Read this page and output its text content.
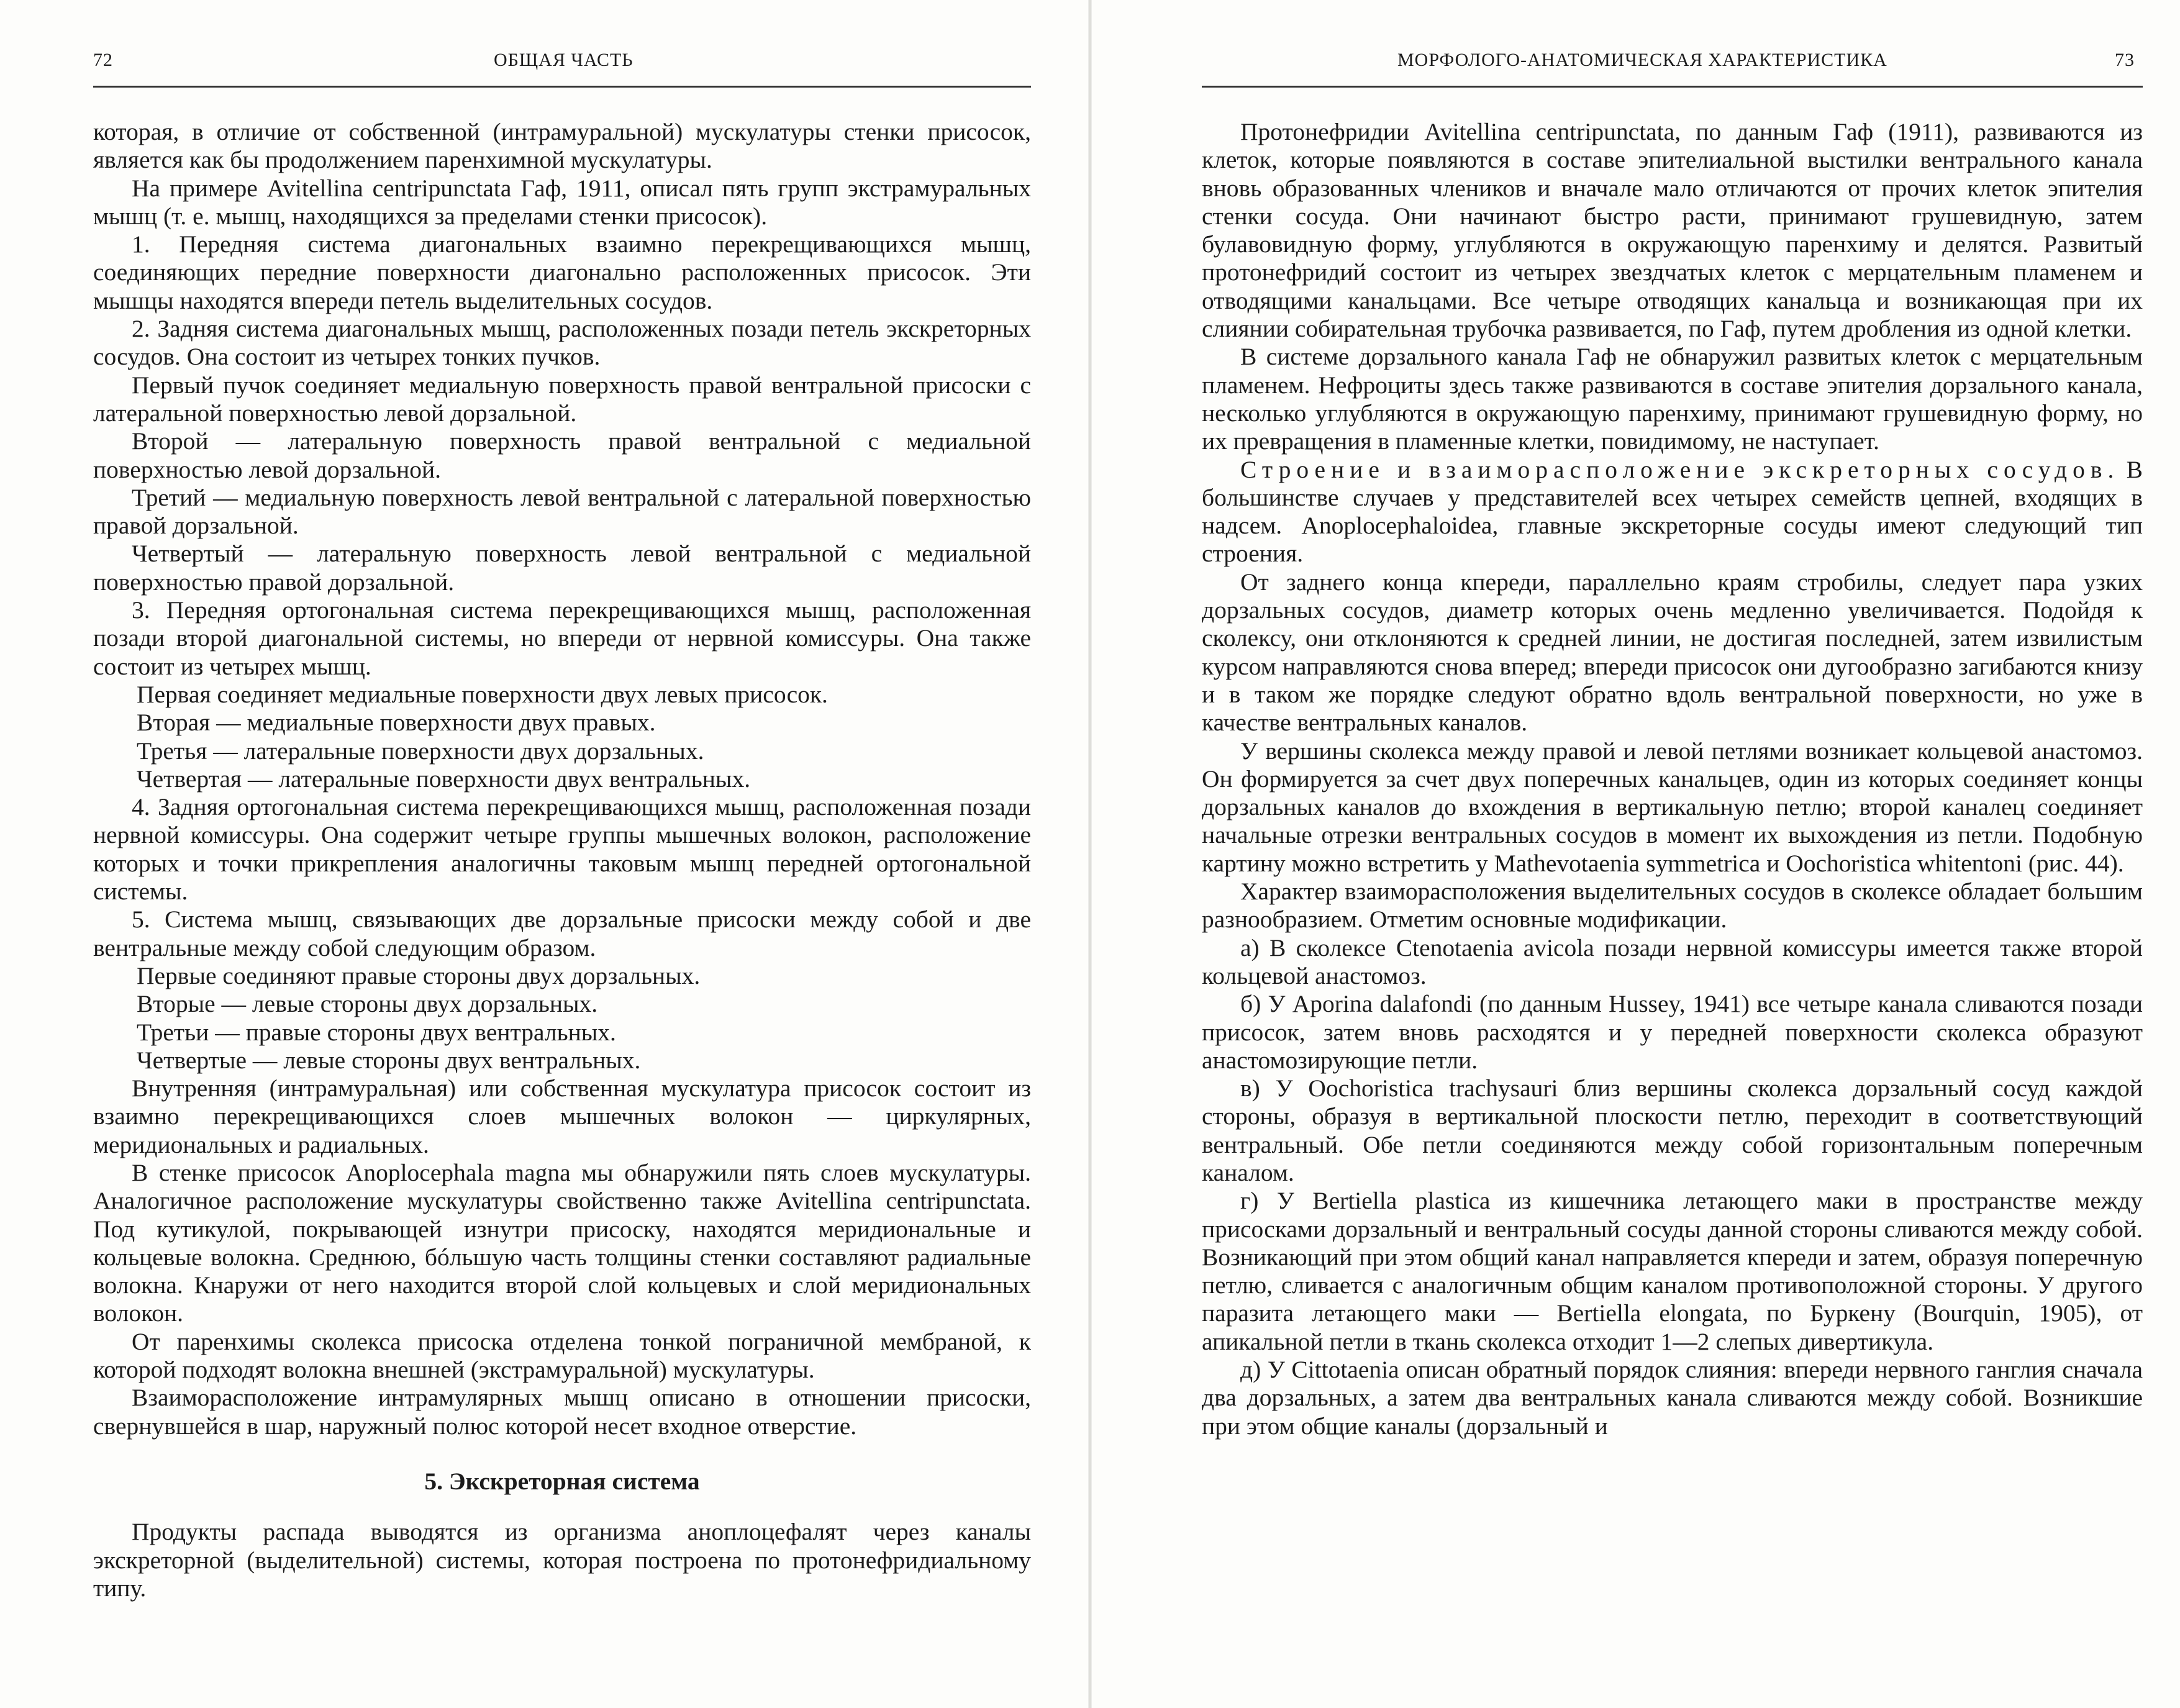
72	ОБЩАЯ ЧАСТЬ

которая, в отличие от собственной (интрамуральной) мускулатуры стенки присосок, является как бы продолжением паренхимной мускулатуры.

На примере Avitellina centripunctata Гаф, 1911, описал пять групп экстрамуральных мышц (т. е. мышц, находящихся за пределами стенки присосок).

1. Передняя система диагональных взаимно перекрещивающихся мышц, соединяющих передние поверхности диагонально расположенных присосок. Эти мышцы находятся впереди петель выделительных сосудов.

2. Задняя система диагональных мышц, расположенных позади петель экскреторных сосудов. Она состоит из четырех тонких пучков.

Первый пучок соединяет медиальную поверхность правой вентральной присоски с латеральной поверхностью левой дорзальной.

Второй — латеральную поверхность правой вентральной с медиальной поверхностью левой дорзальной.

Третий — медиальную поверхность левой вентральной с латеральной поверхностью правой дорзальной.

Четвертый — латеральную поверхность левой вентральной с медиальной поверхностью правой дорзальной.

3. Передняя ортогональная система перекрещивающихся мышц, расположенная позади второй диагональной системы, но впереди от нервной комиссуры. Она также состоит из четырех мышц.

Первая соединяет медиальные поверхности двух левых присосок.

Вторая — медиальные поверхности двух правых.

Третья — латеральные поверхности двух дорзальных.

Четвертая — латеральные поверхности двух вентральных.

4. Задняя ортогональная система перекрещивающихся мышц, расположенная позади нервной комиссуры. Она содержит четыре группы мышечных волокон, расположение которых и точки прикрепления аналогичны таковым мышц передней ортогональной системы.

5. Система мышц, связывающих две дорзальные присоски между собой и две вентральные между собой следующим образом.

Первые соединяют правые стороны двух дорзальных.

Вторые — левые стороны двух дорзальных.

Третьи — правые стороны двух вентральных.

Четвертые — левые стороны двух вентральных.

Внутренняя (интрамуральная) или собственная мускулатура присосок состоит из взаимно перекрещивающихся слоев мышечных волокон — циркулярных, меридиональных и радиальных.

В стенке присосок Anoplocephala magna мы обнаружили пять слоев мускулатуры. Аналогичное расположение мускулатуры свойственно также Avitellina centripunctata. Под кутикулой, покрывающей изнутри присоску, находятся меридиональные и кольцевые волокна. Среднюю, бóльшую часть толщины стенки составляют радиальные волокна. Кнаружи от него находится второй слой кольцевых и слой меридиональных волокон.

От паренхимы сколекса присоска отделена тонкой пограничной мембраной, к которой подходят волокна внешней (экстрамуральной) мускулатуры.

Взаиморасположение интрамулярных мышц описано в отношении присоски, свернувшейся в шар, наружный полюс которой несет входное отверстие.

5. Экскреторная система

Продукты распада выводятся из организма аноплоцефалят через каналы экскреторной (выделительной) системы, которая построена по протонефридиальному типу.

МОРФОЛОГО-АНАТОМИЧЕСКАЯ ХАРАКТЕРИСТИКА	73

Протонефридии Avitellina centripunctata, по данным Гаф (1911), развиваются из клеток, которые появляются в составе эпителиальной выстилки вентрального канала вновь образованных члеников и вначале мало отличаются от прочих клеток эпителия стенки сосуда. Они начинают быстро расти, принимают грушевидную, затем булавовидную форму, углубляются в окружающую паренхиму и делятся. Развитый протонефридий состоит из четырех звездчатых клеток с мерцательным пламенем и отводящими канальцами. Все четыре отводящих канальца и возникающая при их слиянии собирательная трубочка развивается, по Гаф, путем дробления из одной клетки.

В системе дорзального канала Гаф не обнаружил развитых клеток с мерцательным пламенем. Нефроциты здесь также развиваются в составе эпителия дорзального канала, несколько углубляются в окружающую паренхиму, принимают грушевидную форму, но их превращения в пламенные клетки, повидимому, не наступает.

Строение и взаиморасположение экскреторных сосудов. В большинстве случаев у представителей всех четырех семейств цепней, входящих в надсем. Anoplocephaloidea, главные экскреторные сосуды имеют следующий тип строения.

От заднего конца кпереди, параллельно краям стробилы, следует пара узких дорзальных сосудов, диаметр которых очень медленно увеличивается. Подойдя к сколексу, они отклоняются к средней линии, не достигая последней, затем извилистым курсом направляются снова вперед; впереди присосок они дугообразно загибаются книзу и в таком же порядке следуют обратно вдоль вентральной поверхности, но уже в качестве вентральных каналов.

У вершины сколекса между правой и левой петлями возникает кольцевой анастомоз. Он формируется за счет двух поперечных канальцев, один из которых соединяет концы дорзальных каналов до вхождения в вертикальную петлю; второй каналец соединяет начальные отрезки вентральных сосудов в момент их выхождения из петли. Подобную картину можно встретить у Mathevotaenia symmetrica и Oochoristica whitentoni (рис. 44).

Характер взаиморасположения выделительных сосудов в сколексе обладает большим разнообразием. Отметим основные модификации.

а) В сколексе Ctenotaenia avicola позади нервной комиссуры имеется также второй кольцевой анастомоз.

б) У Aporina dalafondi (по данным Hussey, 1941) все четыре канала сливаются позади присосок, затем вновь расходятся и у передней поверхности сколекса образуют анастомозирующие петли.

в) У Oochoristica trachysauri близ вершины сколекса дорзальный сосуд каждой стороны, образуя в вертикальной плоскости петлю, переходит в соответствующий вентральный. Обе петли соединяются между собой горизонтальным поперечным каналом.

г) У Bertiella plastica из кишечника летающего маки в пространстве между присосками дорзальный и вентральный сосуды данной стороны сливаются между собой. Возникающий при этом общий канал направляется кпереди и затем, образуя поперечную петлю, сливается с аналогичным общим каналом противоположной стороны. У другого паразита летающего маки — Bertiella elongata, по Буркену (Bourquin, 1905), от апикальной петли в ткань сколекса отходит 1—2 слепых дивертикула.

д) У Cittotaenia описан обратный порядок слияния: впереди нервного ганглия сначала два дорзальных, а затем два вентральных канала сливаются между собой. Возникшие при этом общие каналы (дорзальный и
